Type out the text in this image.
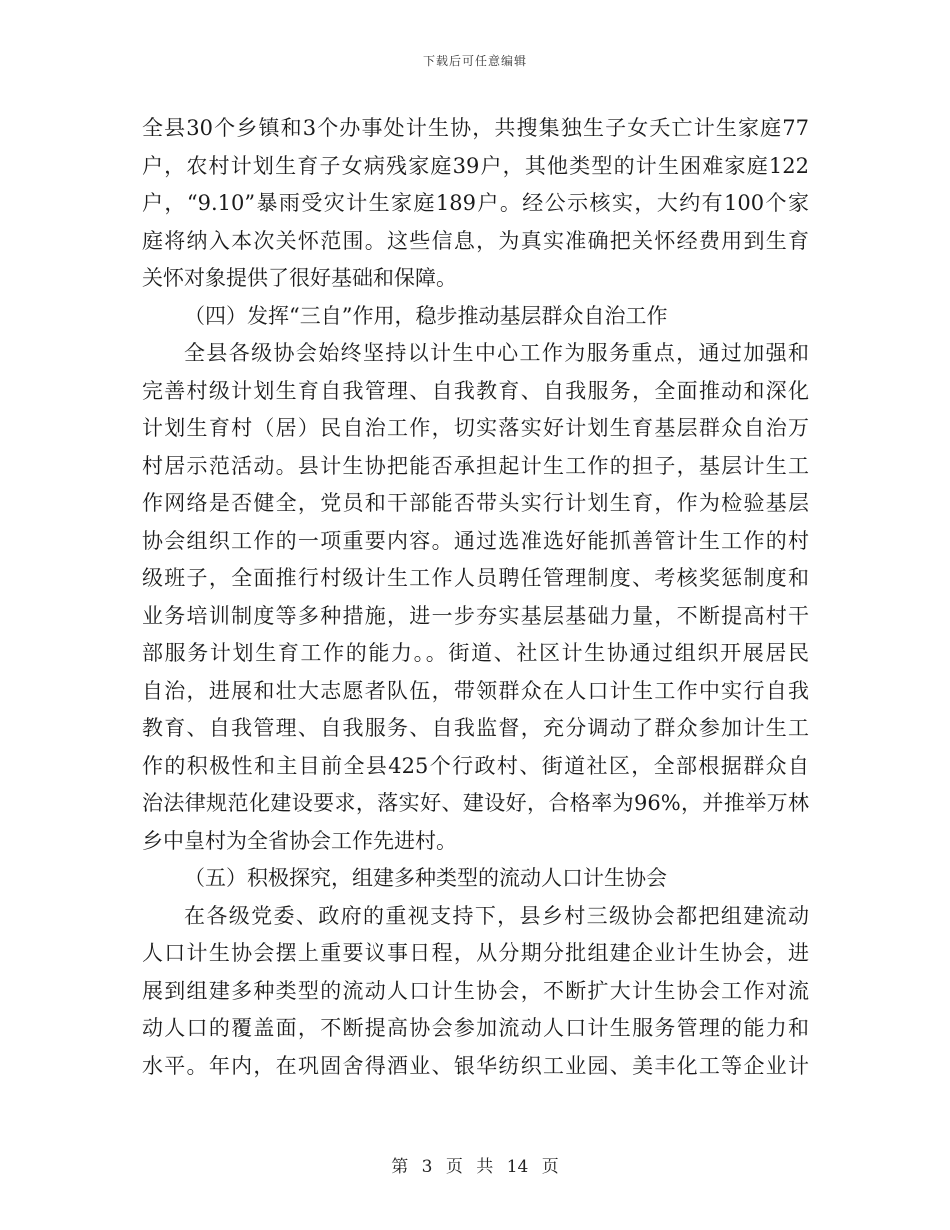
下载后可任意编辑
全县30个乡镇和3个办事处计生协，共搜集独生子女夭亡计生家庭77
户，农村计划生育子女病残家庭39户，其他类型的计生困难家庭122
户，“9.10”暴雨受灾计生家庭189户。经公示核实，大约有100个家
庭将纳入本次关怀范围。这些信息，为真实准确把关怀经费用到生育
关怀对象提供了很好基础和保障。
（四）发挥“三自”作用，稳步推动基层群众自治工作
全县各级协会始终坚持以计生中心工作为服务重点，通过加强和
完善村级计划生育自我管理、自我教育、自我服务，全面推动和深化
计划生育村（居）民自治工作，切实落实好计划生育基层群众自治万
村居示范活动。县计生协把能否承担起计生工作的担子，基层计生工
作网络是否健全，党员和干部能否带头实行计划生育，作为检验基层
协会组织工作的一项重要内容。通过选准选好能抓善管计生工作的村
级班子，全面推行村级计生工作人员聘任管理制度、考核奖惩制度和
业务培训制度等多种措施，进一步夯实基层基础力量，不断提高村干
部服务计划生育工作的能力。。街道、社区计生协通过组织开展居民
自治，进展和壮大志愿者队伍，带领群众在人口计生工作中实行自我
教育、自我管理、自我服务、自我监督，充分调动了群众参加计生工
作的积极性和主目前全县425个行政村、街道社区，全部根据群众自
治法律规范化建设要求，落实好、建设好，合格率为96%，并推举万林
乡中皇村为全省协会工作先进村。
（五）积极探究，组建多种类型的流动人口计生协会
在各级党委、政府的重视支持下，县乡村三级协会都把组建流动
人口计生协会摆上重要议事日程，从分期分批组建企业计生协会，进
展到组建多种类型的流动人口计生协会，不断扩大计生协会工作对流
动人口的覆盖面，不断提高协会参加流动人口计生服务管理的能力和
水平。年内，在巩固舍得酒业、银华纺织工业园、美丰化工等企业计
第 3 页 共 14 页
